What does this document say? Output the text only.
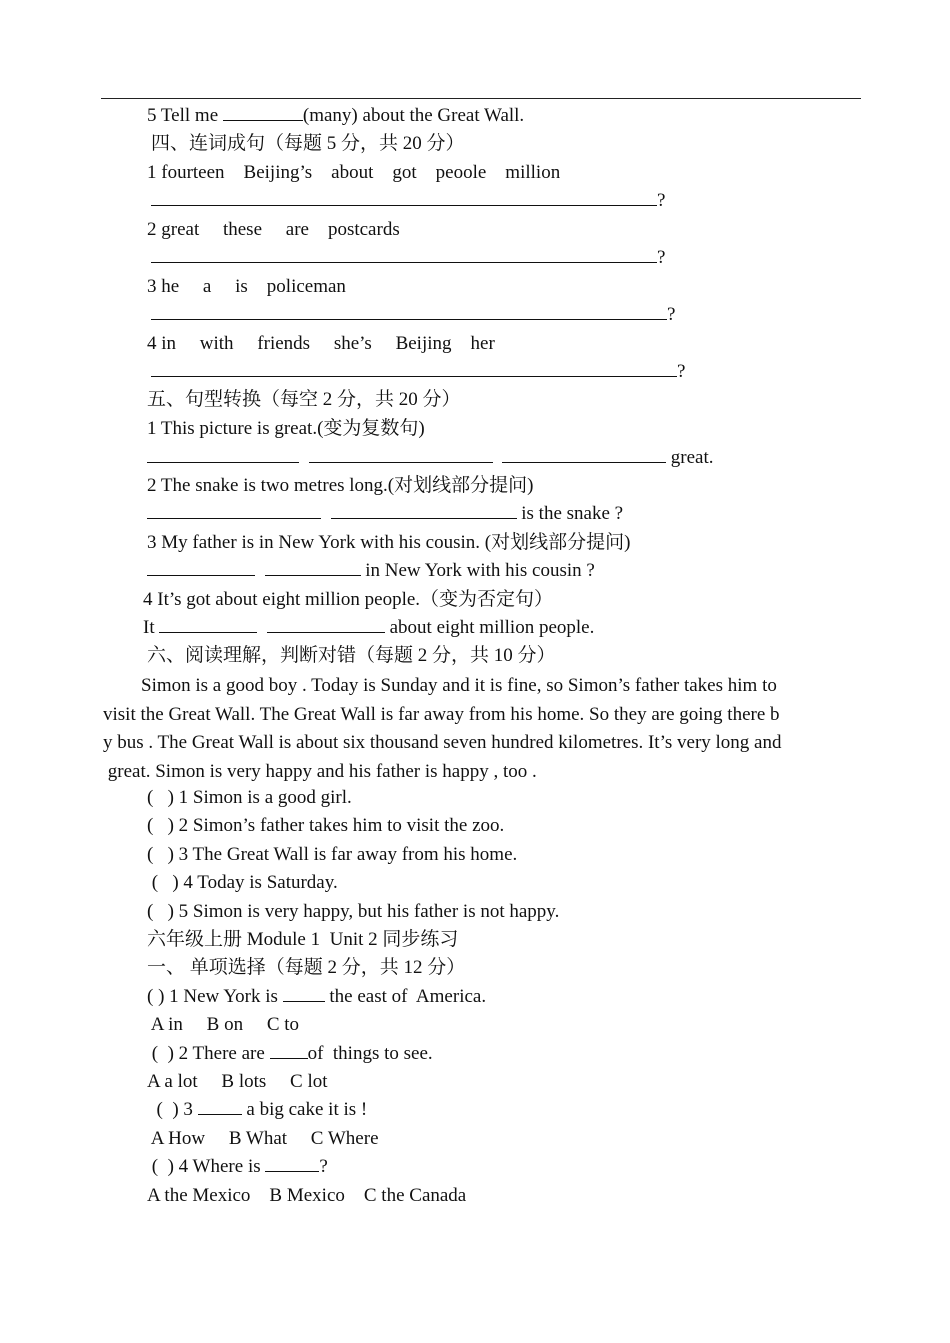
5 Tell me	(many) about the Great Wall.
四、连词成句（每题 5 分，共 20 分）
1 fourteen    Beijing’s    about    got    peoole    million
?
2 great     these     are    postcards
?
3 he     a     is    policeman
?
4 in     with     friends     she’s     Beijing    her
?
五、句型转换（每空 2 分，共 20 分）
1 This picture is great.(变为复数句)
great.
2 The snake is two metres long.(对划线部分提问)
is the snake ?
3 My father is in New York with his cousin. (对划线部分提问)
in New York with his cousin ?
4 It’s got about eight million people.（变为否定句）
It	about eight million people.
六、阅读理解，判断对错（每题 2 分，共 10 分）
Simon is a good boy . Today is Sunday and it is fine, so Simon’s father takes him to
visit the Great Wall. The Great Wall is far away from his home. So they are going there b
y bus . The Great Wall is about six thousand seven hundred kilometres. It’s very long and
great. Simon is very happy and his father is happy , too .
(   ) 1 Simon is a good girl.
(   ) 2 Simon’s father takes him to visit the zoo.
(   ) 3 The Great Wall is far away from his home.
(   ) 4 Today is Saturday.
(   ) 5 Simon is very happy, but his father is not happy.
六年级上册 Module 1  Unit 2 同步练习
一、 单项选择（每题 2 分，共 12 分）
( ) 1 New York is  the east of  America.
A in     B on     C to
(  ) 2 There are of  things to see.
A a lot     B lots     C lot
(  ) 3  a big cake it is !
A How     B What     C Where
(  ) 4 Where is	?
A the Mexico    B Mexico    C the Canada
